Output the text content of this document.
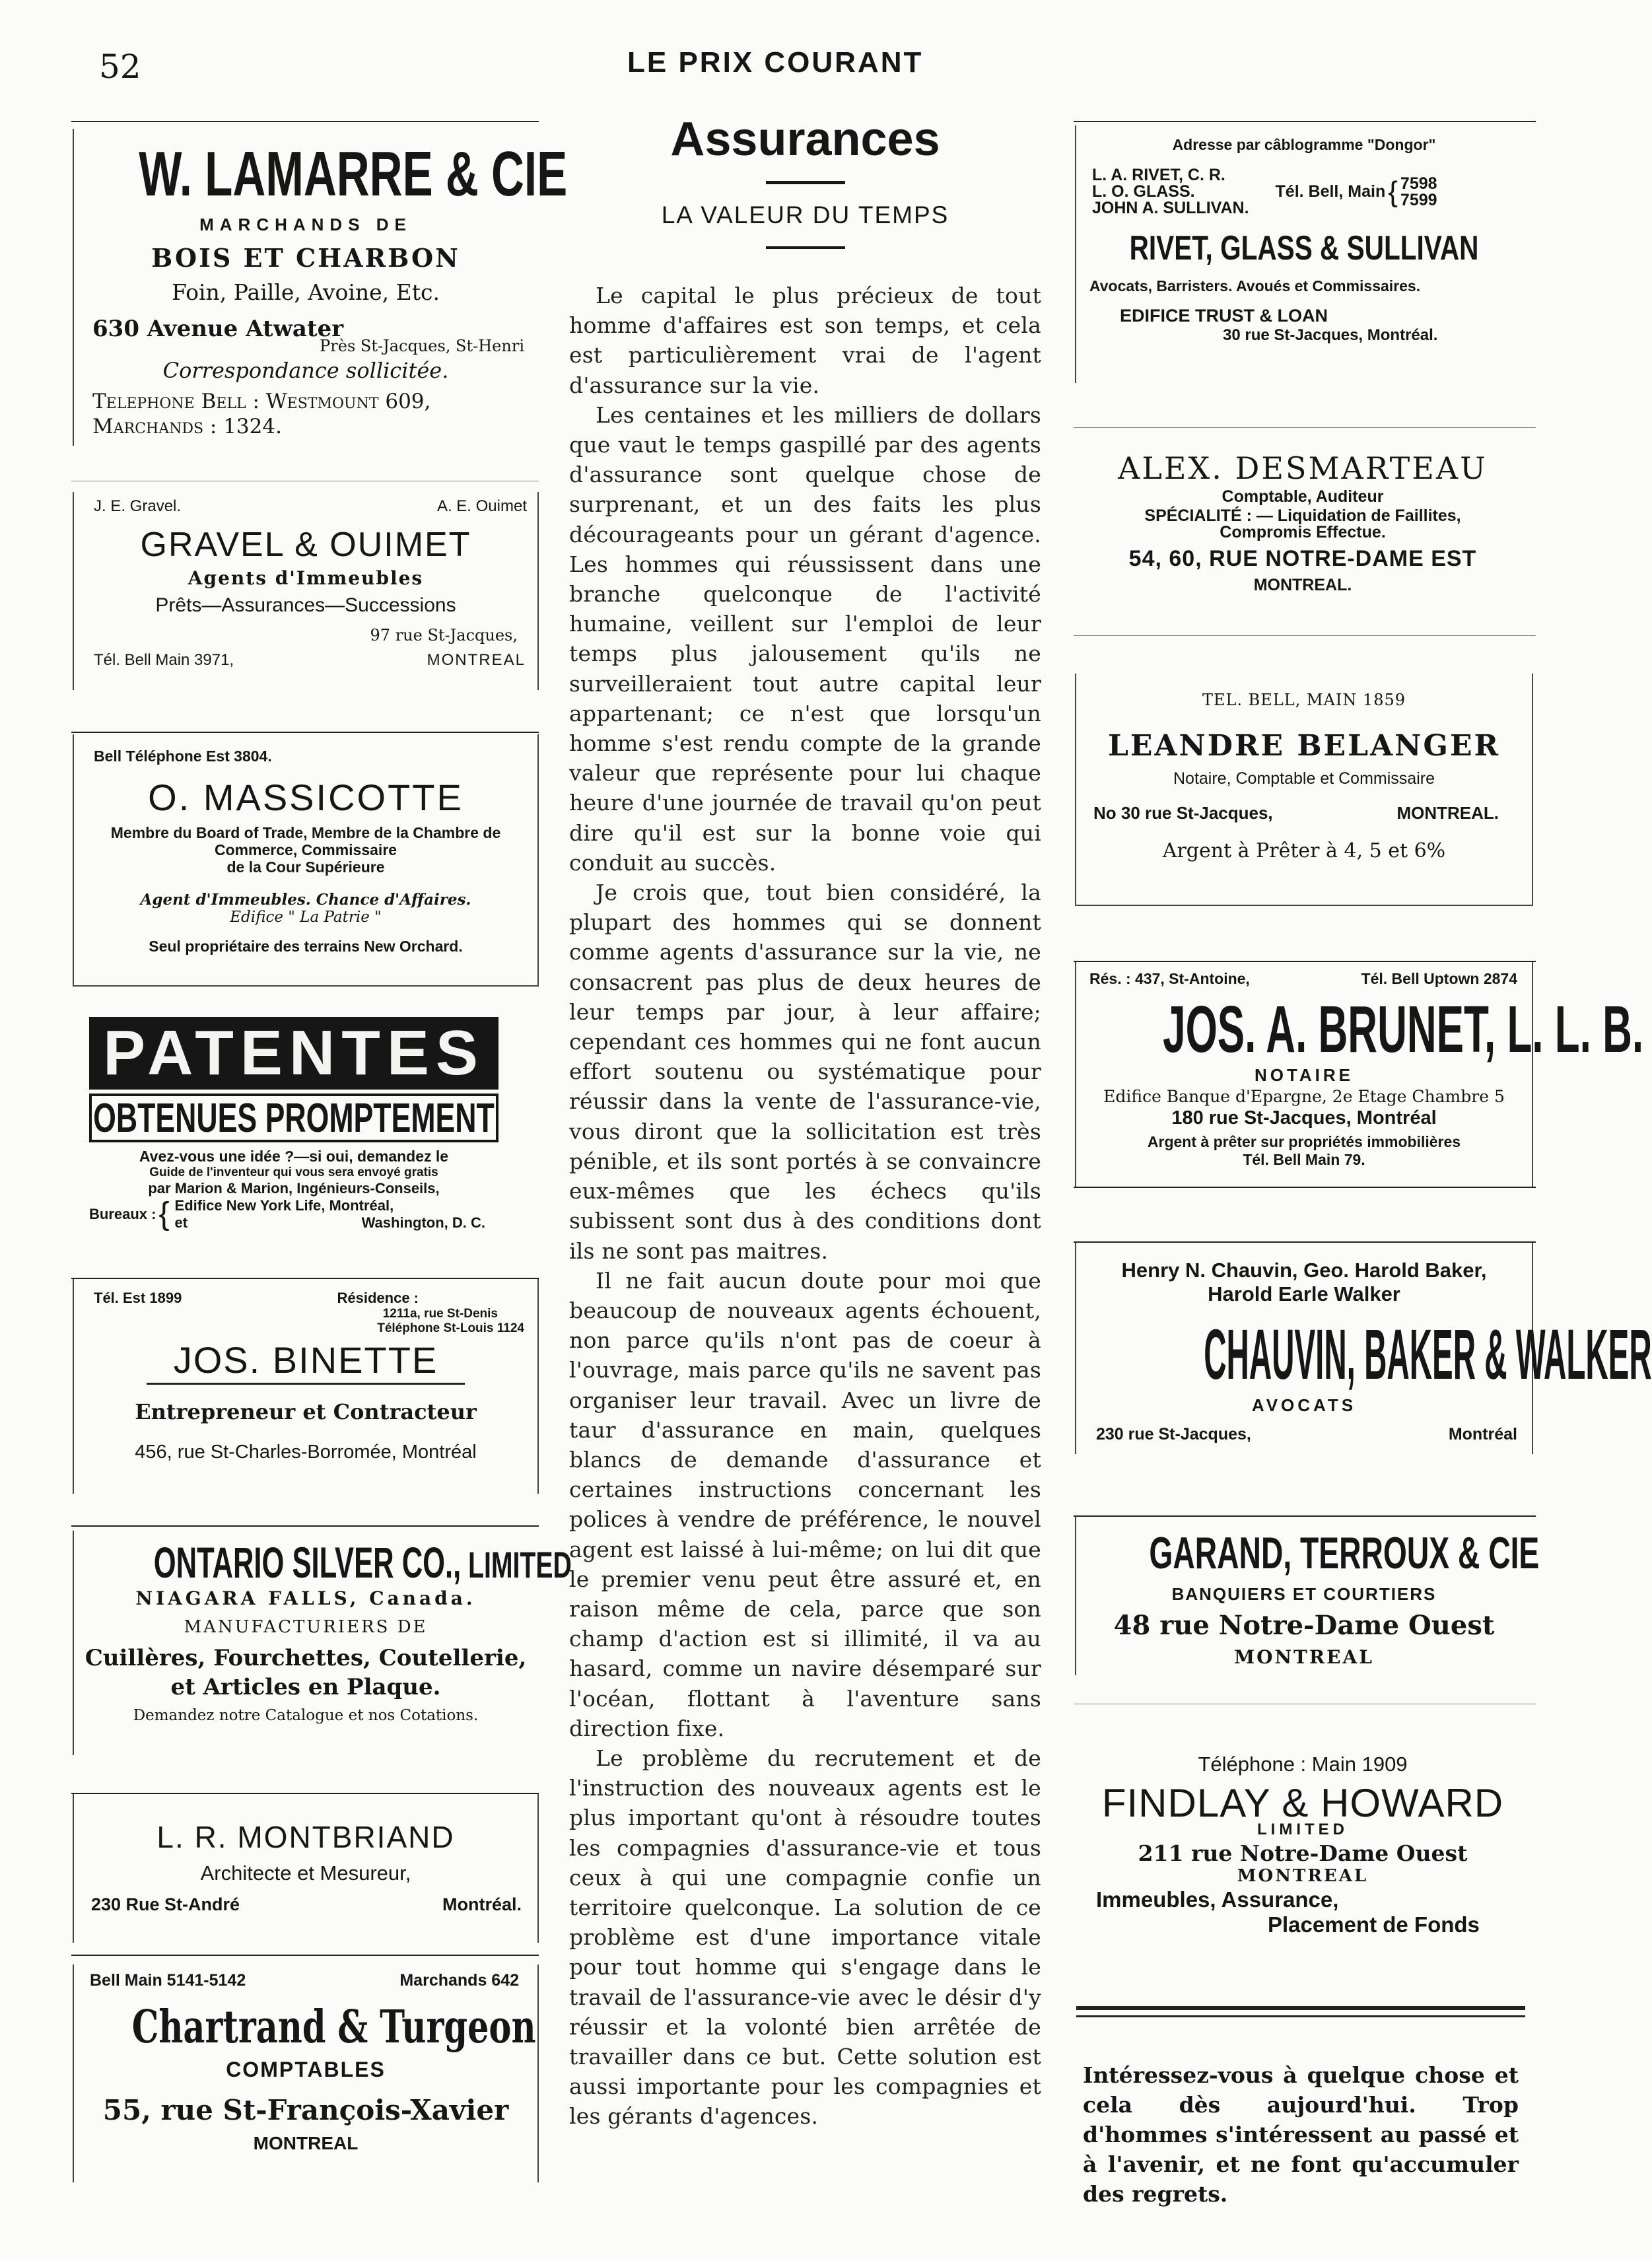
52	LE PRIX COURANT
W. LAMARRE & CIE
MARCHANDS DE
BOIS ET CHARBON
Foin, Paille, Avoine, Etc.
630 Avenue Atwater
Près St-Jacques, St-Henri
Correspondance sollicitée.
Telephone Bell : Westmount 609,
Marchands : 1324.
J. E. Gravel.	A. E. Ouimet
GRAVEL & OUIMET
Agents d'Immeubles
Prêts—Assurances—Successions
97 rue St-Jacques,
Tél. Bell Main 3971,	MONTREAL
Bell Téléphone Est 3804.
O. MASSICOTTE
Membre du Board of Trade, Membre de la Chambre de Commerce, Commissaire
de la Cour Supérieure
Agent d'Immeubles. Chance d'Affaires.
Edifice " La Patrie "
Seul propriétaire des terrains New Orchard.
PATENTES
OBTENUES PROMPTEMENT
Avez-vous une idée ?—si oui, demandez le
Guide de l'inventeur qui vous sera envoyé gratis
par Marion & Marion, Ingénieurs-Conseils,
Bureaux : { Edifice New York Life, Montréal,
et	Washington, D. C.
Tél. Est 1899	Résidence :
1211a, rue St-Denis
Téléphone St-Louis 1124
JOS. BINETTE
Entrepreneur et Contracteur
456, rue St-Charles-Borromée, Montréal
ONTARIO SILVER CO., LIMITED
NIAGARA FALLS, Canada.
MANUFACTURIERS DE
Cuillères, Fourchettes, Coutellerie,
et Articles en Plaque.
Demandez notre Catalogue et nos Cotations.
L. R. MONTBRIAND
Architecte et Mesureur,
230 Rue St-André	Montréal.
Bell Main 5141-5142	Marchands 642
Chartrand & Turgeon
COMPTABLES
55, rue St-François-Xavier
MONTREAL
Assurances
LA VALEUR DU TEMPS

Le capital le plus précieux de tout homme d'affaires est son temps, et cela est particulièrement vrai de l'agent d'assurance sur la vie.

Les centaines et les milliers de dollars que vaut le temps gaspillé par des agents d'assurance sont quelque chose de surprenant, et un des faits les plus décourageants pour un gérant d'agence. Les hommes qui réussissent dans une branche quelconque de l'activité humaine, veillent sur l'emploi de leur temps plus jalousement qu'ils ne surveilleraient tout autre capital leur appartenant; ce n'est que lorsqu'un homme s'est rendu compte de la grande valeur que représente pour lui chaque heure d'une journée de travail qu'on peut dire qu'il est sur la bonne voie qui conduit au succès.

Je crois que, tout bien considéré, la plupart des hommes qui se donnent comme agents d'assurance sur la vie, ne consacrent pas plus de deux heures de leur temps par jour, à leur affaire; cependant ces hommes qui ne font aucun effort soutenu ou systématique pour réussir dans la vente de l'assurance-vie, vous diront que la sollicitation est très pénible, et ils sont portés à se convaincre eux-mêmes que les échecs qu'ils subissent sont dus à des conditions dont ils ne sont pas maitres.

Il ne fait aucun doute pour moi que beaucoup de nouveaux agents échouent, non parce qu'ils n'ont pas de coeur à l'ouvrage, mais parce qu'ils ne savent pas organiser leur travail. Avec un livre de taur d'assurance en main, quelques blancs de demande d'assurance et certaines instructions concernant les polices à vendre de préférence, le nouvel agent est laissé à lui-même; on lui dit que le premier venu peut être assuré et, en raison même de cela, parce que son champ d'action est si illimité, il va au hasard, comme un navire désemparé sur l'océan, flottant à l'aventure sans direction fixe.

Le problème du recrutement et de l'instruction des nouveaux agents est le plus important qu'ont à résoudre toutes les compagnies d'assurance-vie et tous ceux à qui une compagnie confie un territoire quelconque. La solution de ce problème est d'une importance vitale pour tout homme qui s'engage dans le travail de l'assurance-vie avec le désir d'y réussir et la volonté bien arrêtée de travailler dans ce but. Cette solution est aussi importante pour les compagnies et les gérants d'agences.

Adresse par câblogramme "Dongor"
L. A. RIVET, C. R.
L. O. GLASS.
JOHN A. SULLIVAN.
Tél. Bell, Main { 7598
7599
RIVET, GLASS & SULLIVAN
Avocats, Barristers. Avoués et Commissaires.
EDIFICE TRUST & LOAN
30 rue St-Jacques, Montréal.
ALEX. DESMARTEAU
Comptable, Auditeur
SPÉCIALITÉ : — Liquidation de Faillites,
Compromis Effectue.
54, 60, RUE NOTRE-DAME EST
MONTREAL.
TEL. BELL, MAIN 1859
LEANDRE BELANGER
Notaire, Comptable et Commissaire
No 30 rue St-Jacques,	MONTREAL.
Argent à Prêter à 4, 5 et 6%
Rés. : 437, St-Antoine,	Tél. Bell Uptown 2874
JOS. A. BRUNET, L. L. B.
NOTAIRE
Edifice Banque d'Epargne, 2e Etage Chambre 5
180 rue St-Jacques, Montréal
Argent à prêter sur propriétés immobilières
Tél. Bell Main 79.
Henry N. Chauvin, Geo. Harold Baker,
Harold Earle Walker
CHAUVIN, BAKER & WALKER
AVOCATS
230 rue St-Jacques,	Montréal
GARAND, TERROUX & CIE
BANQUIERS ET COURTIERS
48 rue Notre-Dame Ouest
MONTREAL
Téléphone : Main 1909
FINDLAY & HOWARD
LIMITED
211 rue Notre-Dame Ouest
MONTREAL
Immeubles, Assurance,
Placement de Fonds
Intéressez-vous à quelque chose et cela dès aujourd'hui. Trop d'hommes s'intéressent au passé et à l'avenir, et ne font qu'accumuler des regrets.
